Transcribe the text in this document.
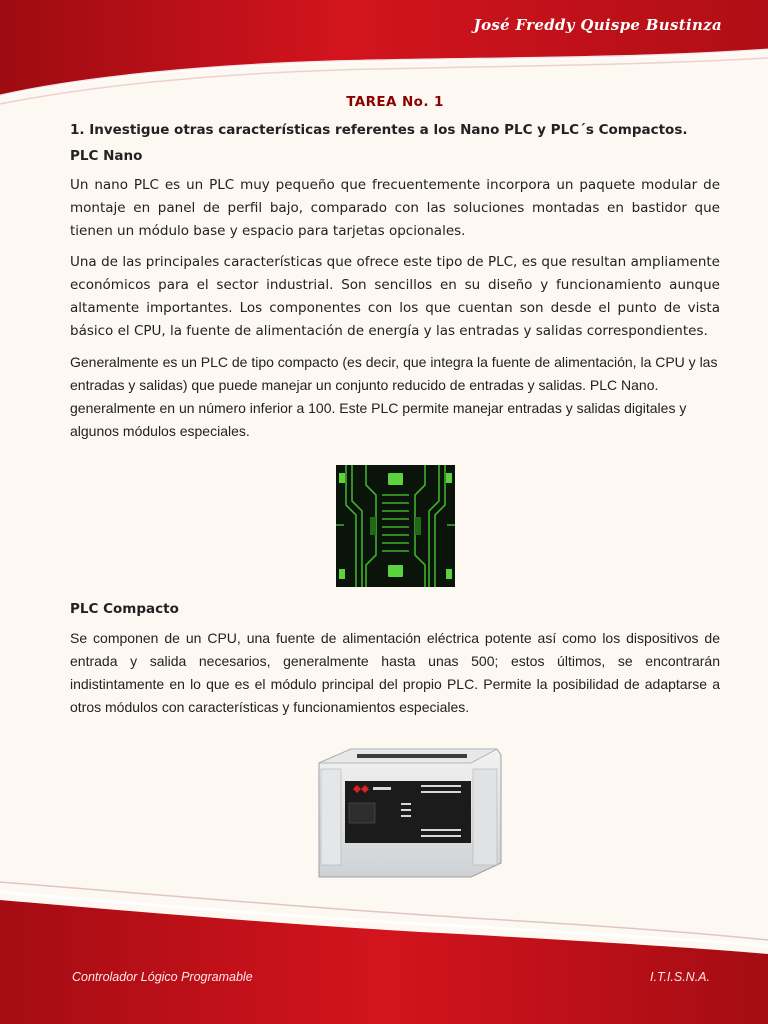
José Freddy Quispe Bustinza
TAREA No. 1
1. Investigue otras características referentes a los Nano PLC y PLC´s Compactos.
PLC Nano

Un nano PLC es un PLC muy pequeño que frecuentemente incorpora un paquete modular de montaje en panel de perfil bajo, comparado con las soluciones montadas en bastidor que tienen un módulo base y espacio para tarjetas opcionales.

Una de las principales características que ofrece este tipo de PLC, es que resultan ampliamente económicos para el sector industrial. Son sencillos en su diseño y funcionamiento aunque altamente importantes. Los componentes con los que cuentan son desde el punto de vista básico el CPU, la fuente de alimentación de energía y las entradas y salidas correspondientes.

Generalmente es un PLC de tipo compacto (es decir, que integra la fuente de alimentación, la CPU y las entradas y salidas) que puede manejar un conjunto reducido de entradas y salidas. PLC Nano. generalmente en un número inferior a 100. Este PLC permite manejar entradas y salidas digitales y algunos módulos especiales.

PLC Compacto

Se componen de un CPU, una fuente de alimentación eléctrica potente así como los dispositivos de entrada y salida necesarios, generalmente hasta unas 500; estos últimos, se encontrarán indistintamente en lo que es el módulo principal del propio PLC. Permite la posibilidad de adaptarse a otros módulos con características y funcionamientos especiales.

Controlador Lógico Programable	I.T.I.S.N.A.
